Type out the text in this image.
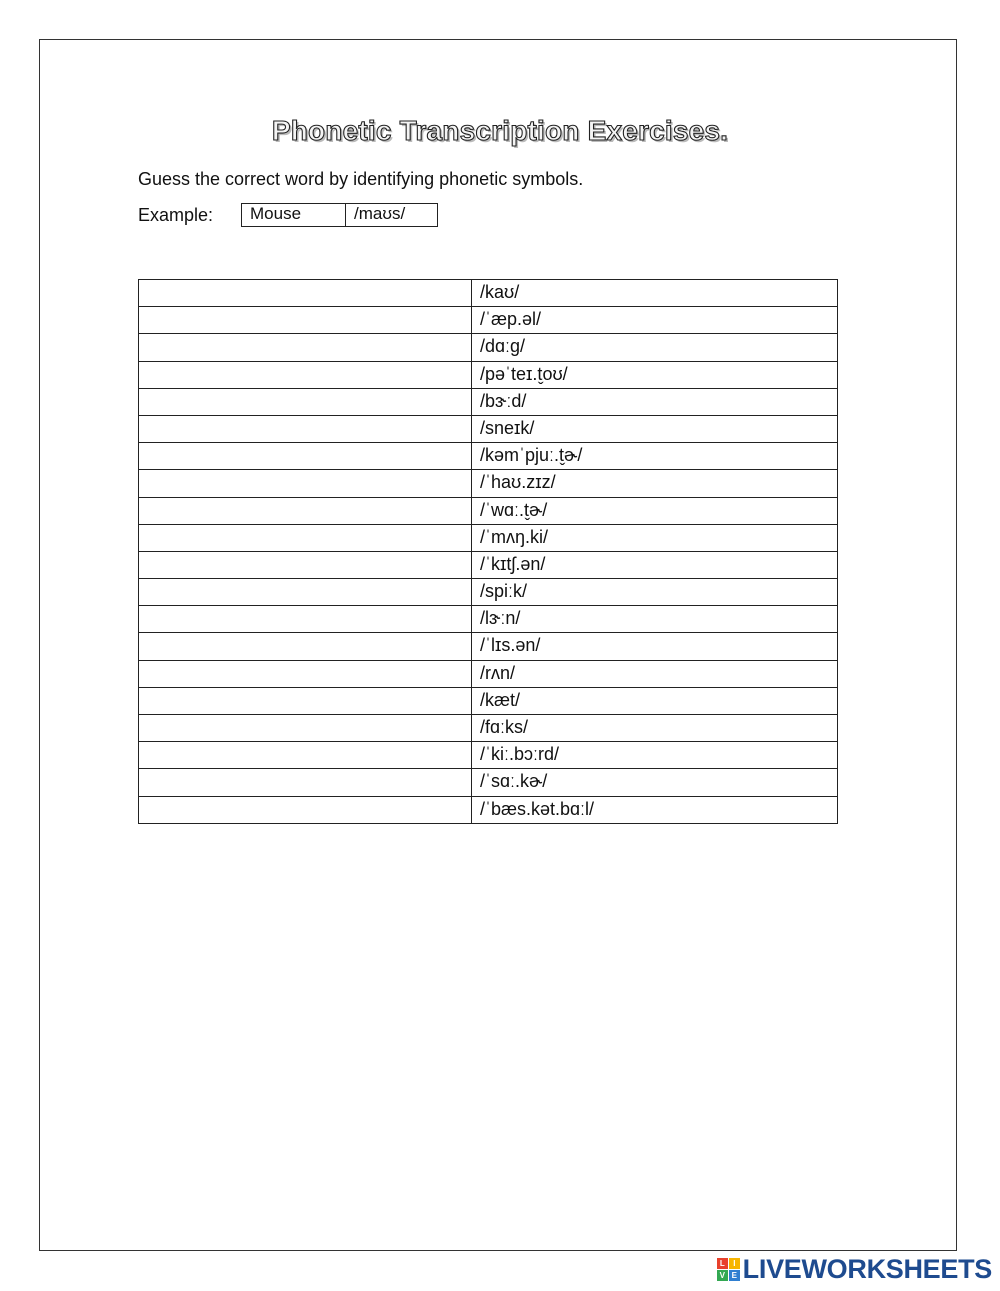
Phonetic Transcription Exercises.
Guess the correct word by identifying phonetic symbols.
Example:	Mouse	/maʊs/
	/kaʊ/
	/ˈæp.əl/
	/dɑːg/
	/pəˈteɪ.t̬oʊ/
	/bɝːd/
	/sneɪk/
	/kəmˈpjuː.t̬ɚ/
	/ˈhaʊ.zɪz/
	/ˈwɑː.t̬ɚ/
	/ˈmʌŋ.ki/
	/ˈkɪtʃ.ən/
	/spiːk/
	/lɝːn/
	/ˈlɪs.ən/
	/rʌn/
	/kæt/
	/fɑːks/
	/ˈkiː.bɔːrd/
	/ˈsɑː.kɚ/
	/ˈbæs.kət.bɑːl/
L	I
V E LIVEWORKSHEETS
